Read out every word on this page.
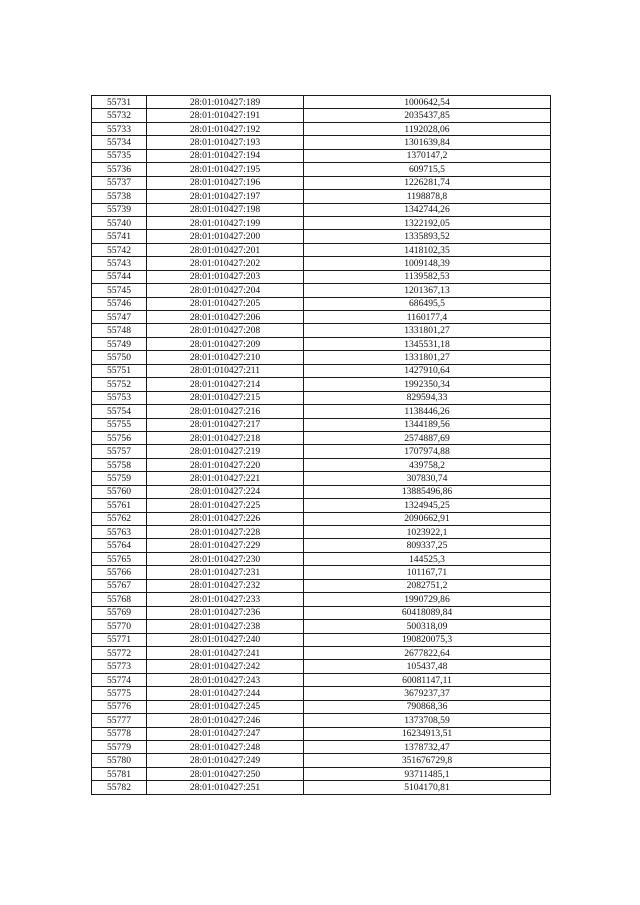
55731	28:01:010427:189	1000642,54
55732	28:01:010427:191	2035437,85
55733	28:01:010427:192	1192028,06
55734	28:01:010427:193	1301639,84
55735	28:01:010427:194	1370147,2
55736	28:01:010427:195	609715,5
55737	28:01:010427:196	1226281,74
55738	28:01:010427:197	1198878,8
55739	28:01:010427:198	1342744,26
55740	28:01:010427:199	1322192,05
55741	28:01:010427:200	1335893,52
55742	28:01:010427:201	1418102,35
55743	28:01:010427:202	1009148,39
55744	28:01:010427:203	1139582,53
55745	28:01:010427:204	1201367,13
55746	28:01:010427:205	686495,5
55747	28:01:010427:206	1160177,4
55748	28:01:010427:208	1331801,27
55749	28:01:010427:209	1345531,18
55750	28:01:010427:210	1331801,27
55751	28:01:010427:211	1427910,64
55752	28:01:010427:214	1992350,34
55753	28:01:010427:215	829594,33
55754	28:01:010427:216	1138446,26
55755	28:01:010427:217	1344189,56
55756	28:01:010427:218	2574887,69
55757	28:01:010427:219	1707974,88
55758	28:01:010427:220	439758,2
55759	28:01:010427:221	307830,74
55760	28:01:010427:224	13885496,86
55761	28:01:010427:225	1324945,25
55762	28:01:010427:226	2090662,91
55763	28:01:010427:228	1023922,1
55764	28:01:010427:229	809337,25
55765	28:01:010427:230	144525,3
55766	28:01:010427:231	101167,71
55767	28:01:010427:232	2082751,2
55768	28:01:010427:233	1990729,86
55769	28:01:010427:236	60418089,84
55770	28:01:010427:238	500318,09
55771	28:01:010427:240	190820075,3
55772	28:01:010427:241	2677822,64
55773	28:01:010427:242	105437,48
55774	28:01:010427:243	60081147,11
55775	28:01:010427:244	3679237,37
55776	28:01:010427:245	790868,36
55777	28:01:010427:246	1373708,59
55778	28:01:010427:247	16234913,51
55779	28:01:010427:248	1378732,47
55780	28:01:010427:249	351676729,8
55781	28:01:010427:250	93711485,1
55782	28:01:010427:251	5104170,81
